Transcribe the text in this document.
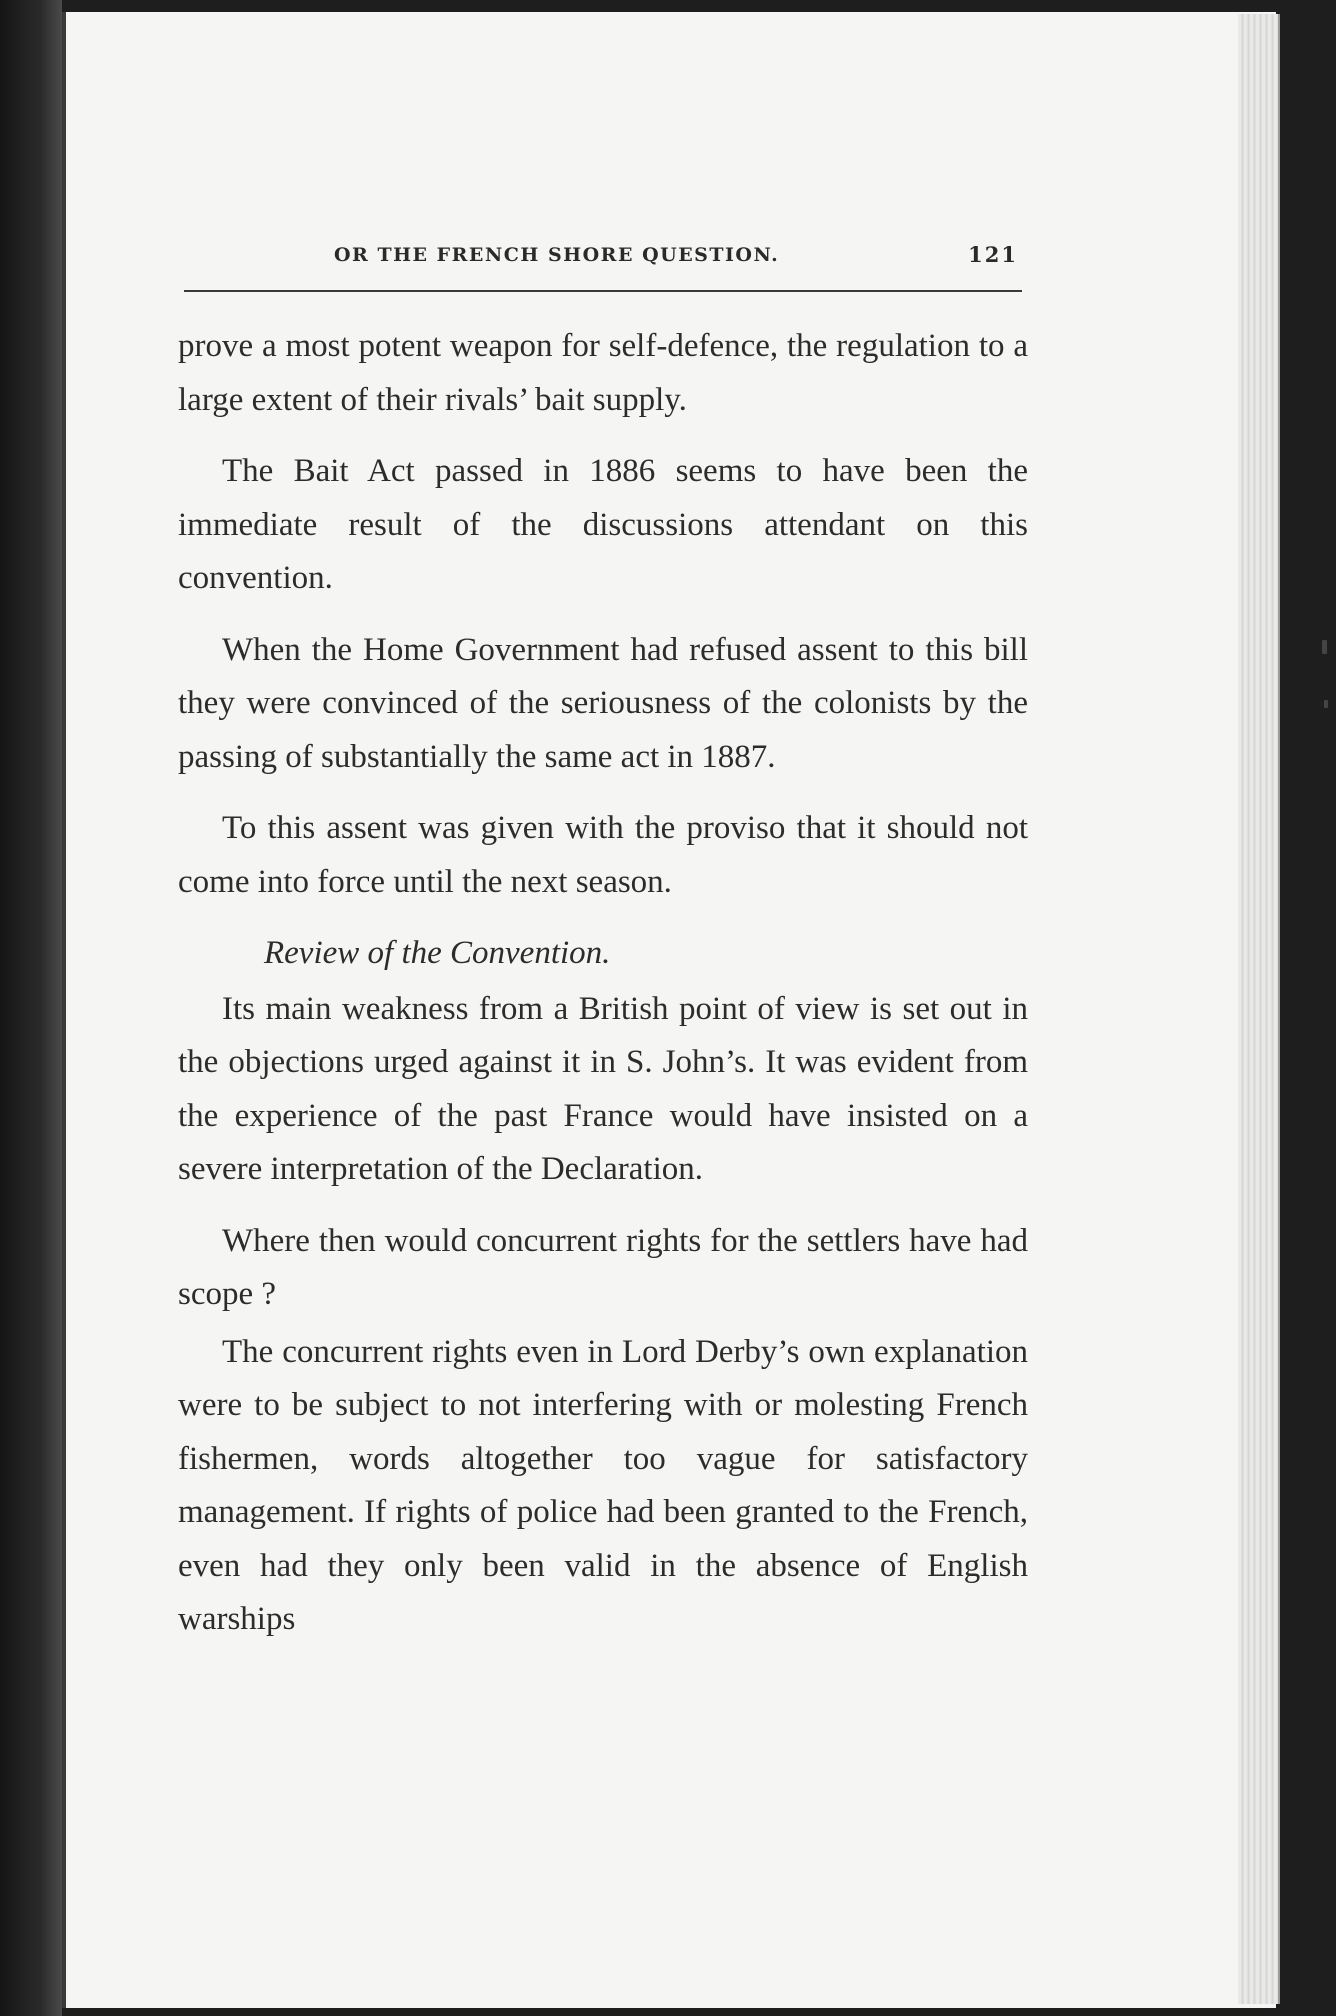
OR THE FRENCH SHORE QUESTION.	121

prove a most potent weapon for self-defence, the regulation to a large extent of their rivals’ bait supply.

The Bait Act passed in 1886 seems to have been the immediate result of the discussions attendant on this convention.

When the Home Government had refused assent to this bill they were convinced of the seriousness of the colonists by the passing of substantially the same act in 1887.

To this assent was given with the proviso that it should not come into force until the next season.

Review of the Convention.

Its main weakness from a British point of view is set out in the objections urged against it in S. John’s. It was evident from the experience of the past France would have insisted on a severe interpretation of the Declaration.

Where then would concurrent rights for the settlers have had scope ?

The concurrent rights even in Lord Derby’s own explanation were to be subject to not interfering with or molesting French fishermen, words altogether too vague for satisfactory management. If rights of police had been granted to the French, even had they only been valid in the absence of English warships
